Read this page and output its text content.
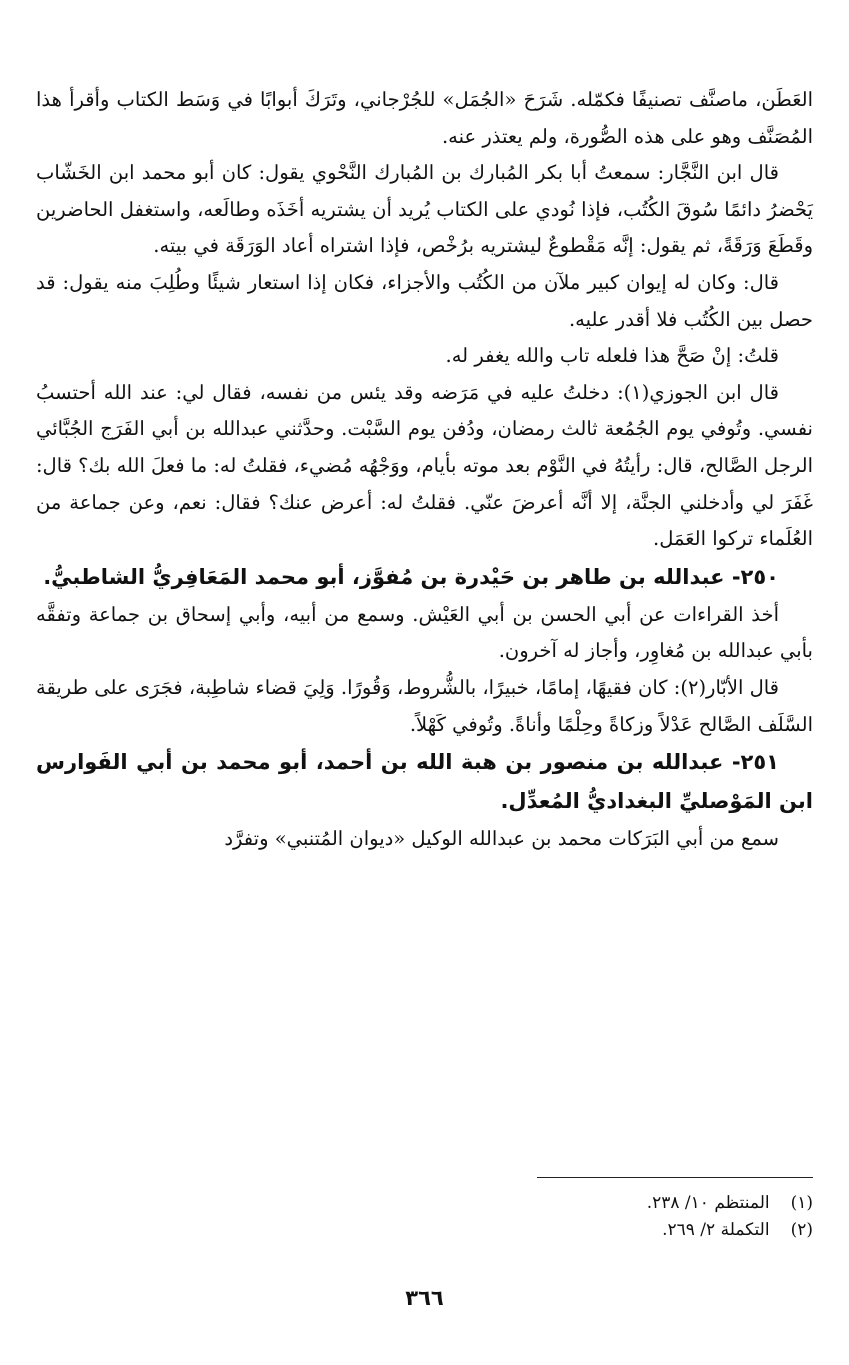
العَطَن، ماصنَّف تصنيفًا فكمّله. شَرَحَ «الجُمَل» للجُرْجاني، وتَرَكَ أبوابًا في وَسَط الكتاب وأقرأ هذا المُصَنَّف وهو على هذه الصُّورة، ولم يعتذر عنه.

قال ابن النَّجَّار: سمعتُ أبا بكر المُبارك بن المُبارك النَّحْوي يقول: كان أبو محمد ابن الخَشّاب يَحْضرُ دائمًا سُوقَ الكُتُب، فإذا نُودي على الكتاب يُريد أن يشتريه أخَذَه وطالَعه، واستغفل الحاضرين وقَطَعَ وَرَقَةً، ثم يقول: إنَّه مَقْطوعٌ ليشتريه برُخْص، فإذا اشتراه أعاد الوَرَقَة في بيته.

قال: وكان له إيوان كبير ملآن من الكُتُب والأجزاء، فكان إذا استعار شيئًا وطُلِبَ منه يقول: قد حصل بين الكُتُب فلا أقدر عليه.

قلتُ: إنْ صَحَّ هذا فلعله تاب والله يغفر له.

قال ابن الجوزي(١): دخلتُ عليه في مَرَضه وقد يئس من نفسه، فقال لي: عند الله أحتسبُ نفسي. وتُوفي يوم الجُمُعة ثالث رمضان، ودُفن يوم السَّبْت. وحدَّثني عبدالله بن أبي الفَرَج الجُبَّائي الرجل الصَّالح، قال: رأيتُهُ في النَّوْم بعد موته بأيام، ووَجْهُه مُضيء، فقلتُ له: ما فعلَ الله بك؟ قال: غَفَرَ لي وأدخلني الجنَّة، إلا أنَّه أعرضَ عنّي. فقلتُ له: أعرض عنك؟ فقال: نعم، وعن جماعة من العُلَماء تركوا العَمَل.

٢٥٠- عبدالله بن طاهر بن حَيْدرة بن مُفوَّز، أبو محمد المَعَافِريُّ الشاطبيُّ.

أخذ القراءات عن أبي الحسن بن أبي العَيْش. وسمع من أبيه، وأبي إسحاق بن جماعة وتفقَّه بأبي عبدالله بن مُغاوِر، وأجاز له آخرون.

قال الأبّار(٢): كان فقيهًا، إمامًا، خبيرًا، بالشُّروط، وَقُورًا. وَلِيَ قضاء شاطِبة، فجَرَى على طريقة السَّلَف الصَّالح عَدْلاً وزكاةً وحِلْمًا وأناةً. وتُوفي كَهْلاً.

٢٥١- عبدالله بن منصور بن هبة الله بن أحمد، أبو محمد بن أبي الفَوارس ابن المَوْصليِّ البغداديُّ المُعدِّل.

سمع من أبي البَرَكات محمد بن عبدالله الوكيل «ديوان المُتنبي» وتفرَّد

(١) المنتظم ١٠/ ٢٣٨.

(٢) التكملة ٢/ ٢٦٩.

٣٦٦
